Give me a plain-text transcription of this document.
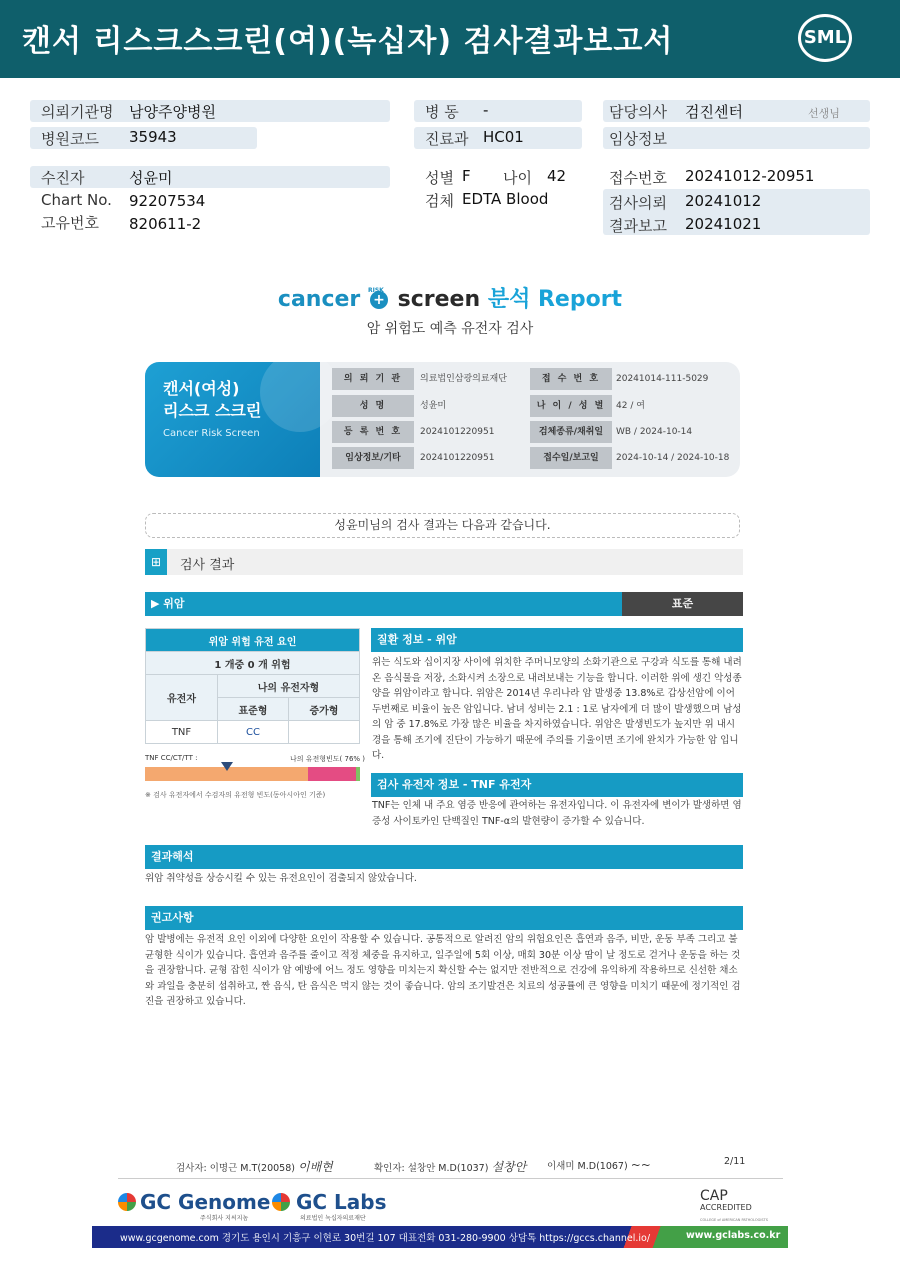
캔서 리스크스크린(여)(녹십자) 검사결과보고서	SML
의뢰기관명 남양주양병원
병원코드 35943
병 동 -
진료과 HC01
담당의사 검진센터	선생님
임상정보
수진자	성윤미
Chart No. 92207534
고유번호 820611-2
성별 F 나이 42
검체 EDTA Blood
접수번호 20241012-20951
검사의뢰 20241012
결과보고 20241021
cancer +
RISK screen 분석 Report
암 위험도 예측 유전자 검사
캔서(여성)
리스크 스크린
Cancer Risk Screen
의 뢰 기 관	의료법인삼광의료재단	접 수 번 호	20241014-111-5029
성 명	성윤미	나 이 / 성 별	42 / 여
등 록 번 호	2024101220951	검체종류/채취일	WB / 2024-10-14
임상정보/기타	2024101220951	접수일/보고일	2024-10-14 / 2024-10-18
성윤미님의 검사 결과는 다음과 같습니다.
⊞	검사 결과
▶ 위암	표준
위암 위험 유전 요인		
1 개중 0 개 위험		
유전자	나의 유전자형	
	표준형	증가형
TNF	CC	
TNF CC/CT/TT :	나의 유전형빈도( 76% )
※ 검사 유전자에서 수검자의 유전형 빈도(동아시아인 기준)
질환 정보 - 위암
위는 식도와 십이지장 사이에 위치한 주머니모양의 소화기관으로 구강과 식도를 통해 내려온 음식물을 저장, 소화시켜 소장으로 내려보내는 기능을 합니다. 이러한 위에 생긴 악성종양을 위암이라고 합니다. 위암은 2014년 우리나라 암 발생중 13.8%로 갑상선암에 이어 두번째로 비율이 높은 암입니다. 남녀 성비는 2.1 : 1로 남자에게 더 많이 발생했으며 남성의 암 중 17.8%로 가장 많은 비율을 차지하였습니다. 위암은 발생빈도가 높지만 위 내시경을 통해 조기에 진단이 가능하기 때문에 주의를 기울이면 조기에 완치가 가능한 암 입니다.
검사 유전자 정보 - TNF 유전자
TNF는 인체 내 주요 염증 반응에 관여하는 유전자입니다. 이 유전자에 변이가 발생하면 염증성 사이토카인 단백질인 TNF-α의 발현량이 증가할 수 있습니다.
결과해석
위암 취약성을 상승시킬 수 있는 유전요인이 검출되지 않았습니다.
권고사항
암 발병에는 유전적 요인 이외에 다양한 요인이 작용할 수 있습니다. 공통적으로 알려진 암의 위험요인은 흡연과 음주, 비만, 운동 부족 그리고 불균형한 식이가 있습니다. 흡연과 음주를 줄이고 적정 체중을 유지하고, 일주일에 5회 이상, 매회 30분 이상 땀이 날 정도로 걷거나 운동을 하는 것을 권장합니다. 균형 잡힌 식이가 암 예방에 어느 정도 영향을 미치는지 확신할 수는 없지만 전반적으로 건강에 유익하게 작용하므로 신선한 채소와 과일을 충분히 섭취하고, 짠 음식, 탄 음식은 먹지 않는 것이 좋습니다. 암의 조기발견은 치료의 성공률에 큰 영향을 미치기 때문에 정기적인 검진을 권장하고 있습니다.
검사자: 이명근 M.T(20058) 이배현	확인자: 설창안 M.D(1037) 설창안 이새미 M.D(1067) ~~	2/11
GC Genome
주식회사 지씨지놈
GC Labs
의료법인 녹십자의료재단
CAP
ACCREDITED
COLLEGE of AMERICAN PATHOLOGISTS
www.gcgenome.com 경기도 용인시 기흥구 이현로 30번길 107 대표전화 031-280-9900 상담톡 https://gccs.channel.io/	www.gclabs.co.kr
